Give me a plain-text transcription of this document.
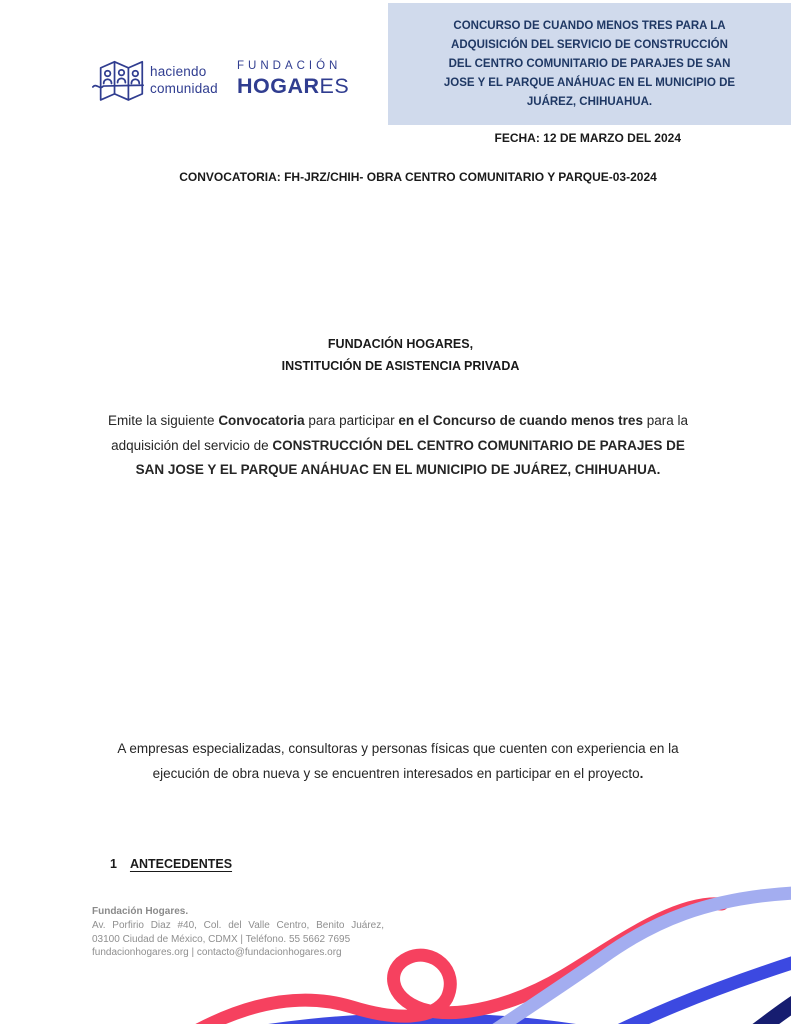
haciendo
comunidad
FUNDACIÓN
HOGARES
CONCURSO DE CUANDO MENOS TRES PARA LA
ADQUISICIÓN DEL SERVICIO DE CONSTRUCCIÓN
DEL CENTRO COMUNITARIO DE PARAJES DE SAN
JOSE Y EL PARQUE ANÁHUAC EN EL MUNICIPIO DE
JUÁREZ, CHIHUAHUA.
FECHA: 12 DE MARZO DEL 2024
CONVOCATORIA: FH-JRZ/CHIH- OBRA CENTRO COMUNITARIO Y PARQUE-03-2024
FUNDACIÓN HOGARES,
INSTITUCIÓN DE ASISTENCIA PRIVADA
Emite la siguiente Convocatoria para participar en el Concurso de cuando menos tres para la adquisición del servicio de CONSTRUCCIÓN DEL CENTRO COMUNITARIO DE PARAJES DE SAN JOSE Y EL PARQUE ANÁHUAC EN EL MUNICIPIO DE JUÁREZ, CHIHUAHUA.
A empresas especializadas, consultoras y personas físicas que cuenten con experiencia en la ejecución de obra nueva y se encuentren interesados en participar en el proyecto.
1 ANTECEDENTES
Fundación Hogares.
Av. Porfirio Diaz #40, Col. del Valle Centro, Benito Juárez,
03100 Ciudad de México, CDMX | Teléfono. 55 5662 7695
fundacionhogares.org | contacto@fundacionhogares.org
